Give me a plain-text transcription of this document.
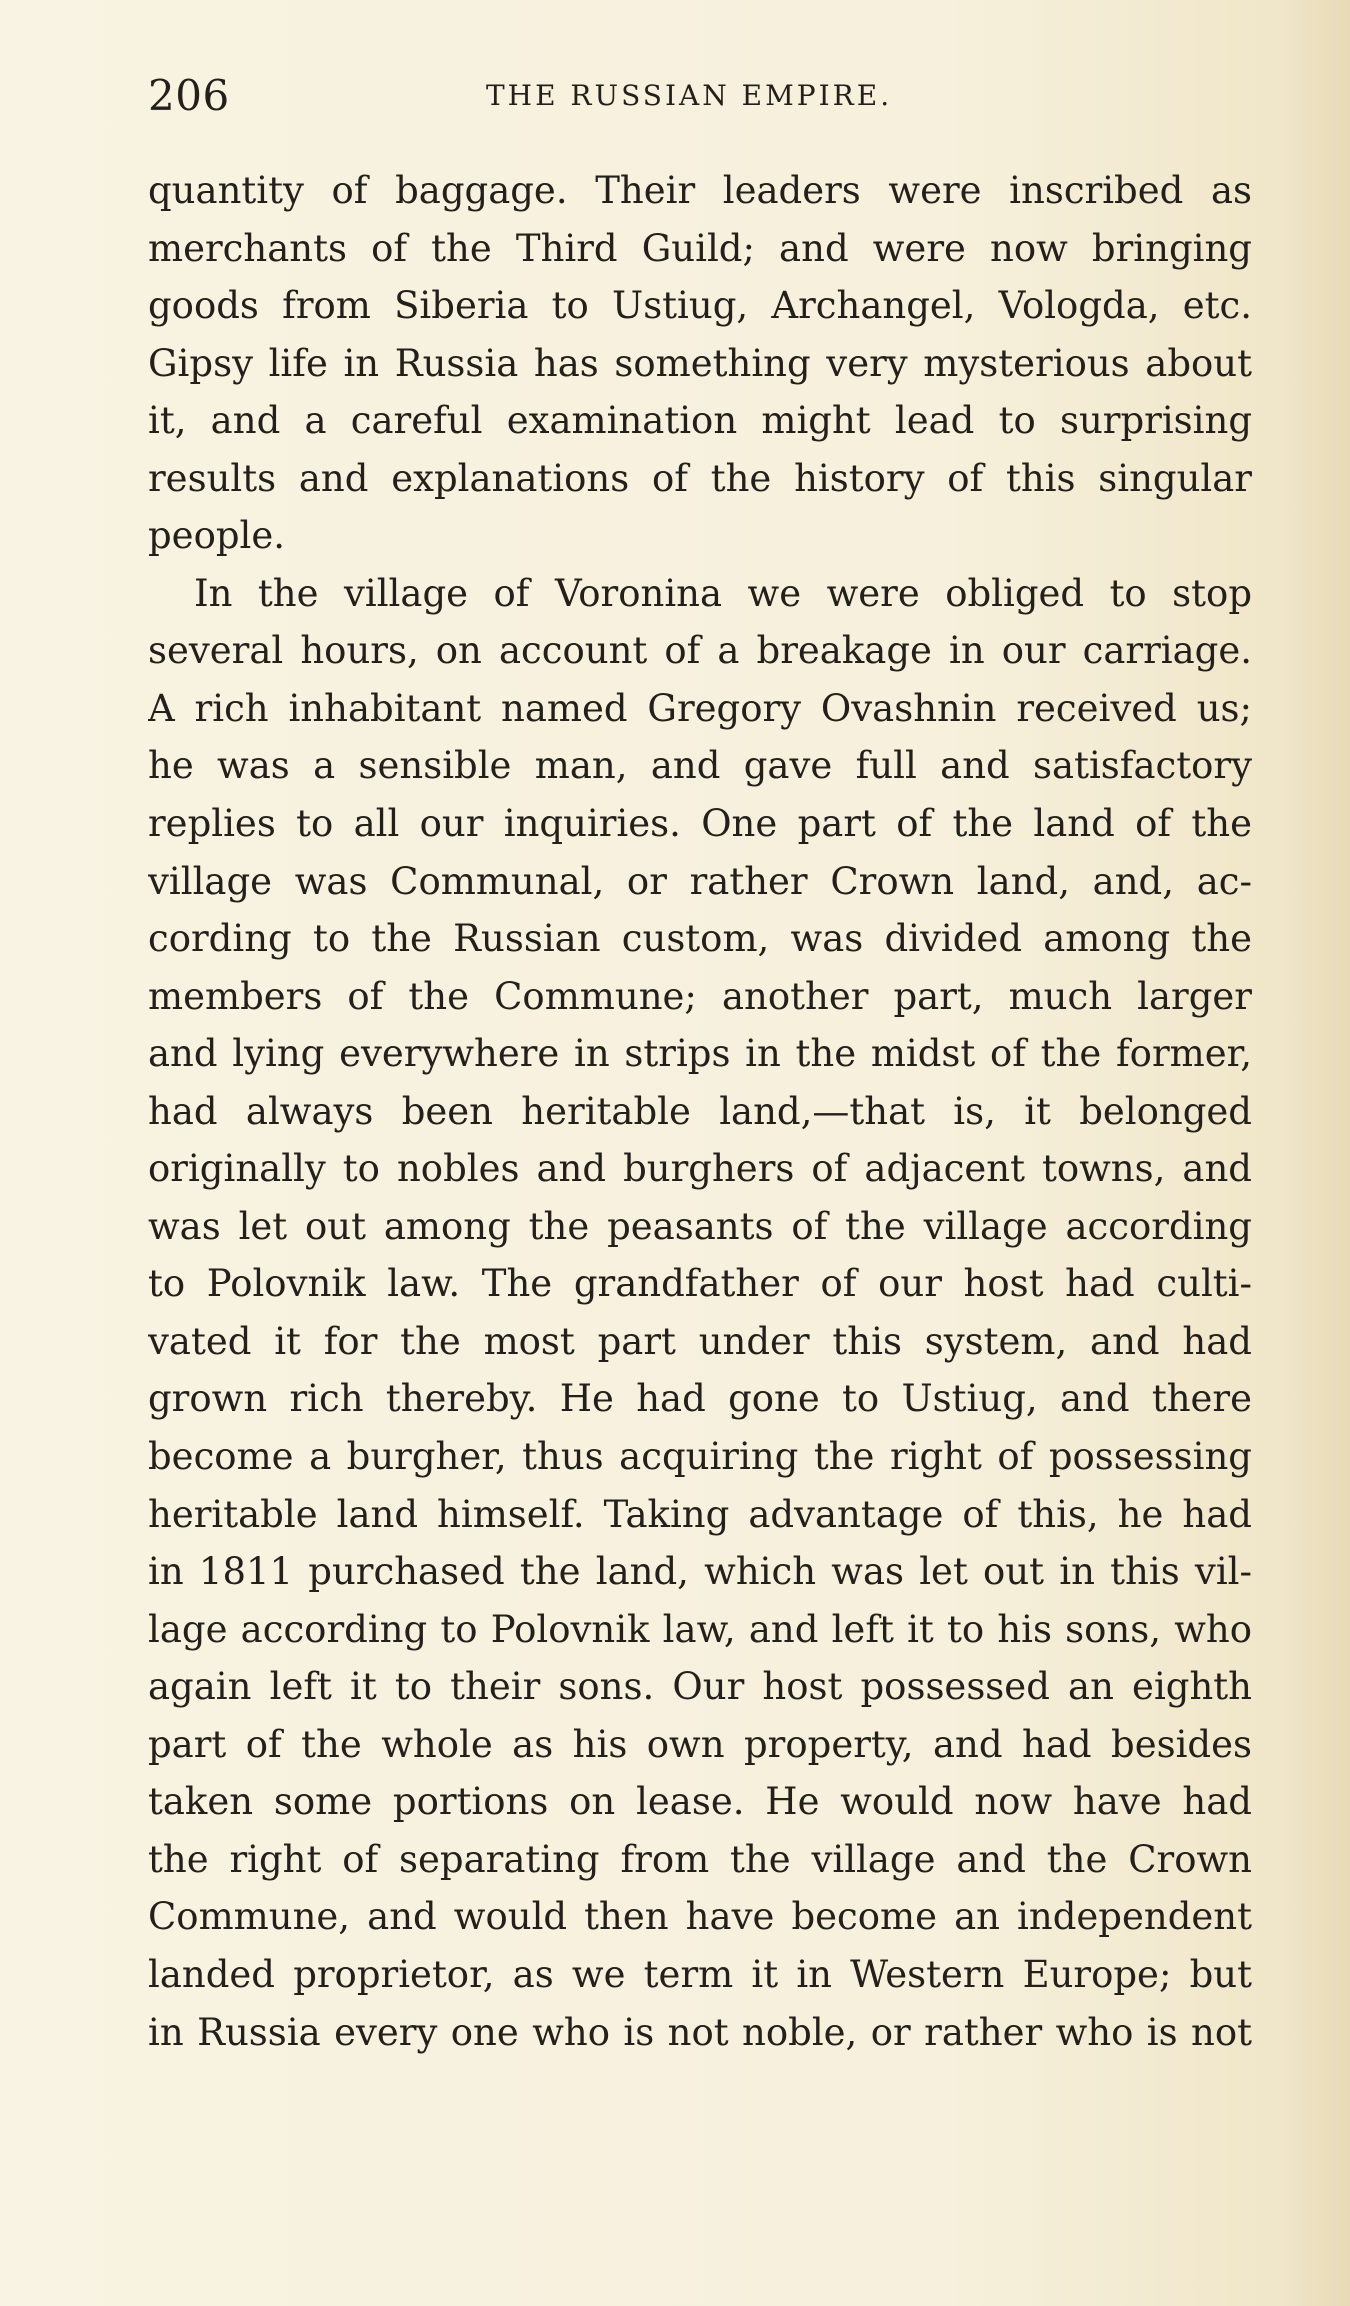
206	THE RUSSIAN EMPIRE.
quantity of baggage. Their leaders were inscribed as
merchants of the Third Guild; and were now bringing
goods from Siberia to Ustiug, Archangel, Vologda, etc.
Gipsy life in Russia has something very mysterious about
it, and a careful examination might lead to surprising
results and explanations of the history of this singular
people.
In the village of Voronina we were obliged to stop
several hours, on account of a breakage in our carriage.
A rich inhabitant named Gregory Ovashnin received us;
he was a sensible man, and gave full and satisfactory
replies to all our inquiries. One part of the land of the
village was Communal, or rather Crown land, and, ac-
cording to the Russian custom, was divided among the
members of the Commune; another part, much larger
and lying everywhere in strips in the midst of the former,
had always been heritable land,—that is, it belonged
originally to nobles and burghers of adjacent towns, and
was let out among the peasants of the village according
to Polovnik law. The grandfather of our host had culti-
vated it for the most part under this system, and had
grown rich thereby. He had gone to Ustiug, and there
become a burgher, thus acquiring the right of possessing
heritable land himself. Taking advantage of this, he had
in 1811 purchased the land, which was let out in this vil-
lage according to Polovnik law, and left it to his sons, who
again left it to their sons. Our host possessed an eighth
part of the whole as his own property, and had besides
taken some portions on lease. He would now have had
the right of separating from the village and the Crown
Commune, and would then have become an independent
landed proprietor, as we term it in Western Europe; but
in Russia every one who is not noble, or rather who is not
